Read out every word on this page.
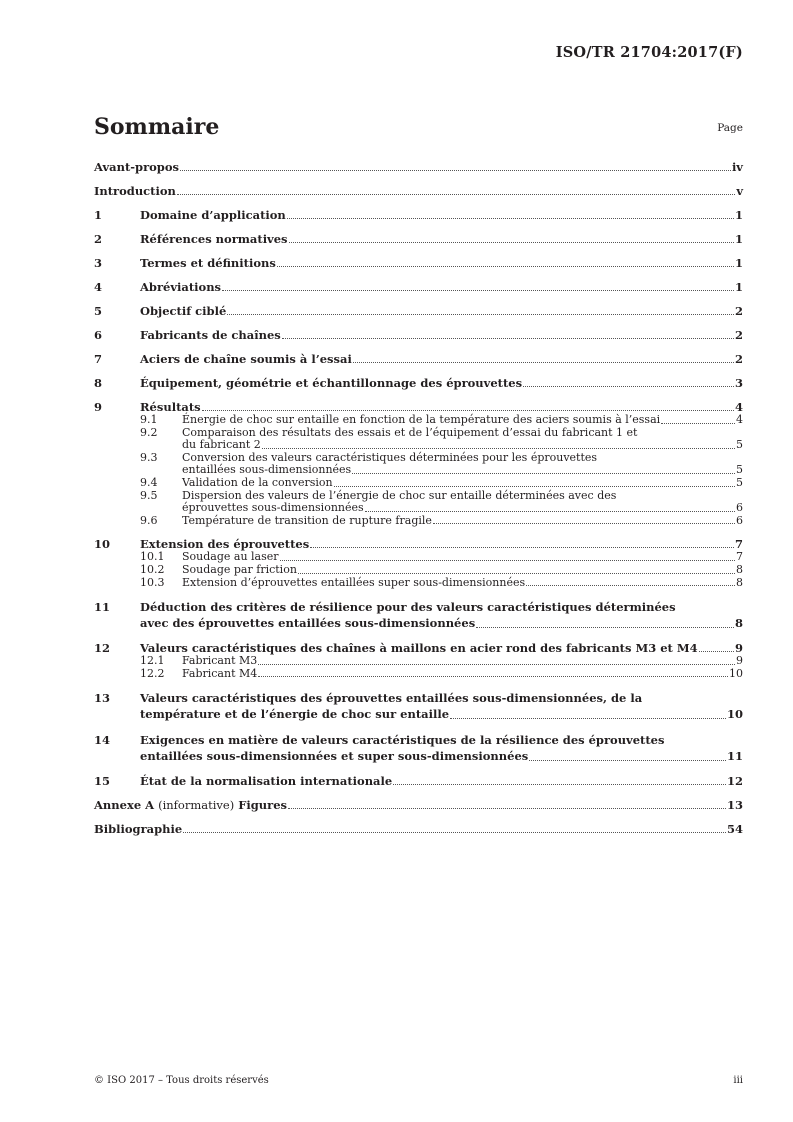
ISO/TR 21704:2017(F)
Sommaire	Page
Avant-propos	iv
Introduction	v
1	Domaine d’application	1
2	Références normatives	1
3	Termes et définitions	1
4	Abréviations	1
5	Objectif ciblé	2
6	Fabricants de chaînes	2
7	Aciers de chaîne soumis à l’essai	2
8	Équipement, géométrie et échantillonnage des éprouvettes	3
9	Résultats	4
9.1	Énergie de choc sur entaille en fonction de la température des aciers soumis à l’essai	4
9.2	Comparaison des résultats des essais et de l’équipement d’essai du fabricant 1 et
du fabricant 2	5
9.3	Conversion des valeurs caractéristiques déterminées pour les éprouvettes
entaillées sous-dimensionnées	5
9.4	Validation de la conversion	5
9.5	Dispersion des valeurs de l’énergie de choc sur entaille déterminées avec des
éprouvettes sous-dimensionnées	6
9.6	Température de transition de rupture fragile	6
10	Extension des éprouvettes	7
10.1	Soudage au laser	7
10.2	Soudage par friction	8
10.3	Extension d’éprouvettes entaillées super sous-dimensionnées	8
11	Déduction des critères de résilience pour des valeurs caractéristiques déterminées
avec des éprouvettes entaillées sous-dimensionnées	8
12	Valeurs caractéristiques des chaînes à maillons en acier rond des fabricants M3 et M4	9
12.1	Fabricant M3	9
12.2	Fabricant M4	10
13	Valeurs caractéristiques des éprouvettes entaillées sous-dimensionnées, de la
température et de l’énergie de choc sur entaille	10
14	Exigences en matière de valeurs caractéristiques de la résilience des éprouvettes
entaillées sous-dimensionnées et super sous-dimensionnées	11
15	État de la normalisation internationale	12
Annexe A (informative) Figures	13
Bibliographie	54
© ISO 2017 – Tous droits réservés	iii
